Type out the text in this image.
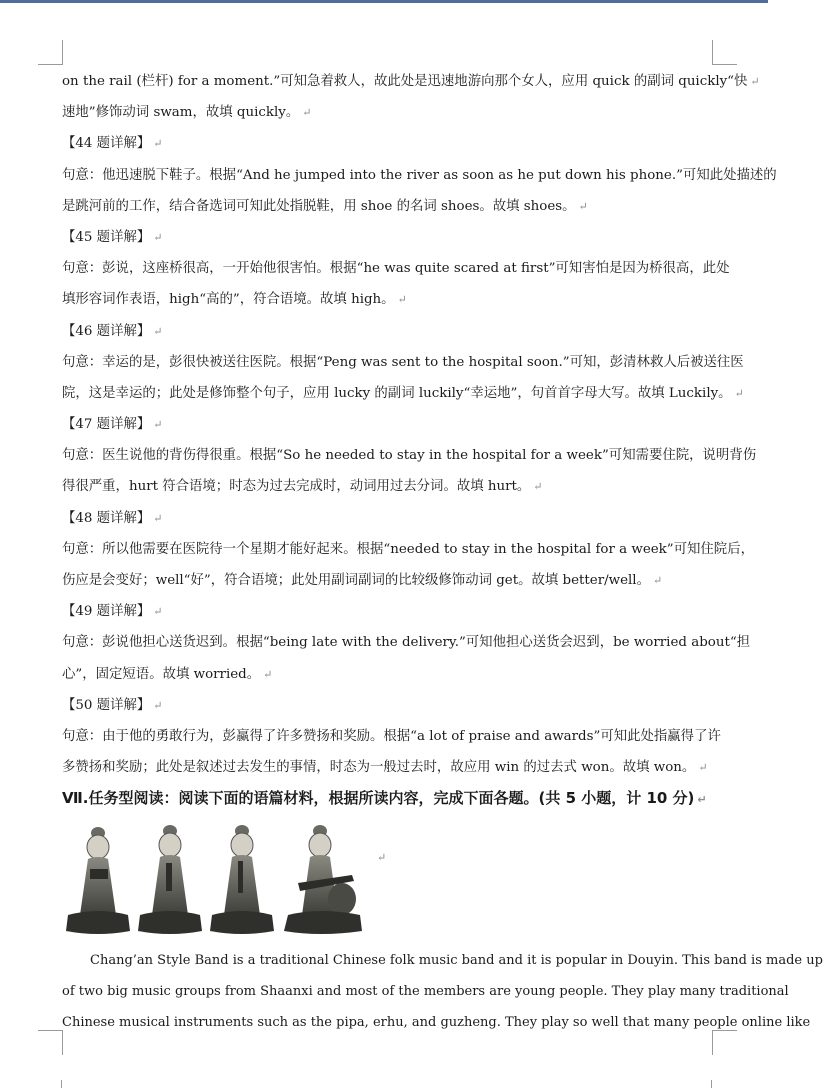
on the rail (栏杆) for a moment.”可知急着救人，故此处是迅速地游向那个女人，应用 quick 的副词 quickly“快 ↵
速地”修饰动词 swam，故填 quickly。 ↵
【44 题详解】 ↵
句意：他迅速脱下鞋子。根据“And he jumped into the river as soon as he put down his phone.”可知此处描述的
是跳河前的工作，结合备选词可知此处指脱鞋，用 shoe 的名词 shoes。故填 shoes。 ↵
【45 题详解】 ↵
句意：彭说，这座桥很高，一开始他很害怕。根据“he was quite scared at first”可知害怕是因为桥很高，此处
填形容词作表语，high“高的”，符合语境。故填 high。 ↵
【46 题详解】 ↵
句意：幸运的是，彭很快被送往医院。根据“Peng was sent to the hospital soon.”可知，彭清林救人后被送往医
院，这是幸运的；此处是修饰整个句子，应用 lucky 的副词 luckily“幸运地”，句首首字母大写。故填 Luckily。 ↵
【47 题详解】 ↵
句意：医生说他的背伤得很重。根据“So he needed to stay in the hospital for a week”可知需要住院，说明背伤
得很严重，hurt 符合语境；时态为过去完成时，动词用过去分词。故填 hurt。 ↵
【48 题详解】 ↵
句意：所以他需要在医院待一个星期才能好起来。根据“needed to stay in the hospital for a week”可知住院后，
伤应是会变好；well“好”，符合语境；此处用副词副词的比较级修饰动词 get。故填 better/well。 ↵
【49 题详解】 ↵
句意：彭说他担心送货迟到。根据“being late with the delivery.”可知他担心送货会迟到，be worried about“担
心”，固定短语。故填 worried。 ↵
【50 题详解】 ↵
句意：由于他的勇敢行为，彭赢得了许多赞扬和奖励。根据“a lot of praise and awards”可知此处指赢得了许
多赞扬和奖励；此处是叙述过去发生的事情，时态为一般过去时，故应用 win 的过去式 won。故填 won。 ↵
Ⅶ.任务型阅读：阅读下面的语篇材料，根据所读内容，完成下面各题。(共 5 小题，计 10 分) ↵
↵
Chang’an Style Band is a traditional Chinese folk music band and it is popular in Douyin. This band is made up
of two big music groups from Shaanxi and most of the members are young people. They play many traditional
Chinese musical instruments such as the pipa, erhu, and guzheng. They play so well that many people online like
